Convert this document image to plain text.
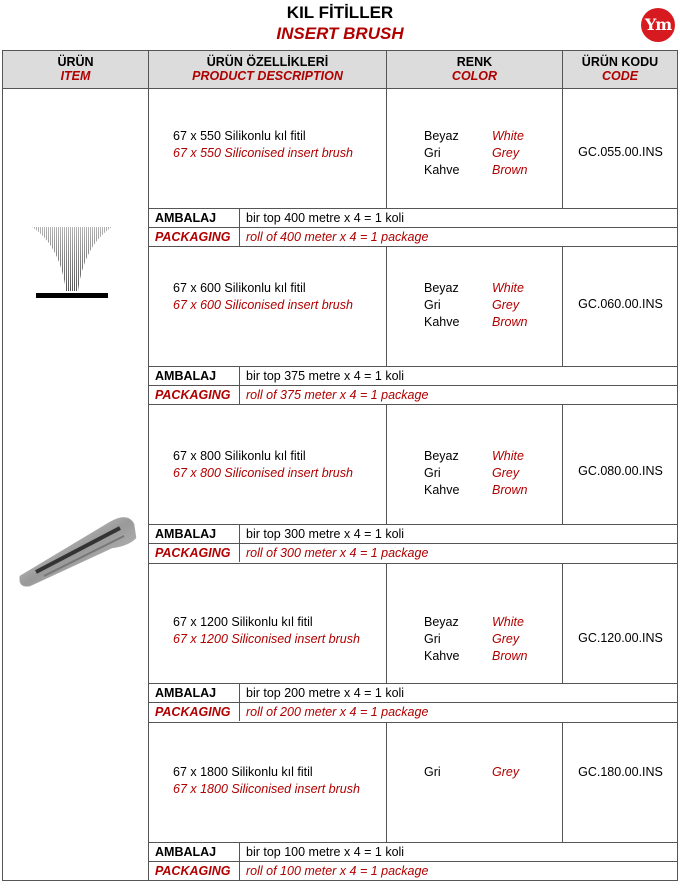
KIL FİTİLLER
INSERT BRUSH	Ym
ÜRÜN
ITEM
ÜRÜN ÖZELLİKLERİ
PRODUCT DESCRIPTION
RENK
COLOR
ÜRÜN KODU
CODE
67 x 550 Silikonlu kıl fitil
67 x 550 Siliconised insert brush
Beyaz	White
Gri	Grey
Kahve	Brown
GC.055.00.INS
AMBALAJ bir top 400 metre x 4 = 1 koli
PACKAGING roll of 400 meter x 4 = 1 package
67 x 600 Silikonlu kıl fitil
67 x 600 Siliconised insert brush
Beyaz	White
Gri	Grey
Kahve	Brown
GC.060.00.INS
AMBALAJ bir top 375 metre x 4 = 1 koli
PACKAGING roll of 375 meter x 4 = 1 package
67 x 800 Silikonlu kıl fitil
67 x 800 Siliconised insert brush
Beyaz	White
Gri	Grey
Kahve	Brown
GC.080.00.INS
AMBALAJ bir top 300 metre x 4 = 1 koli
PACKAGING roll of 300 meter x 4 = 1 package
67 x 1200 Silikonlu kıl fitil
67 x 1200 Siliconised insert brush
Beyaz	White
Gri	Grey
Kahve	Brown
GC.120.00.INS
AMBALAJ bir top 200 metre x 4 = 1 koli
PACKAGING roll of 200 meter x 4 = 1 package
67 x 1800 Silikonlu kıl fitil
67 x 1800 Siliconised insert brush
Gri	Grey	GC.180.00.INS
AMBALAJ bir top 100 metre x 4 = 1 koli
PACKAGING roll of 100 meter x 4 = 1 package
